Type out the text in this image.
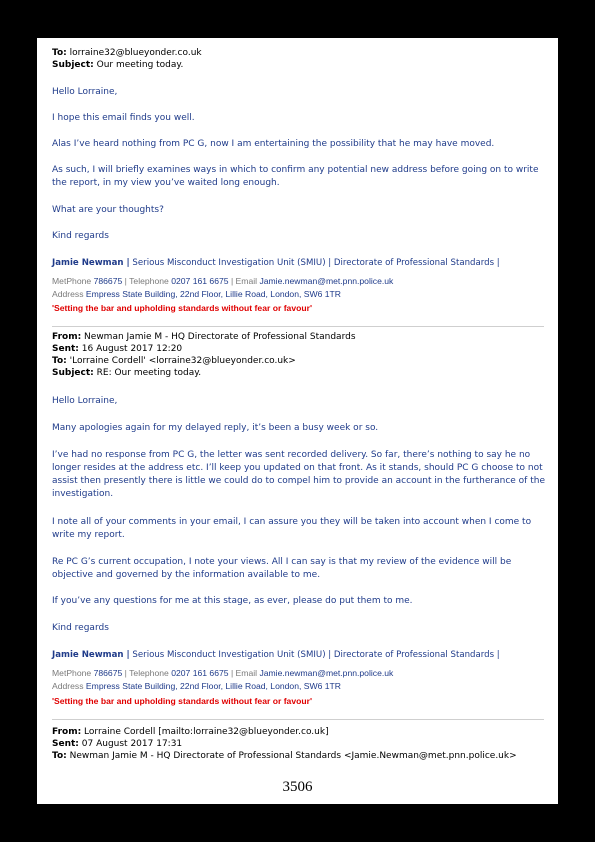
To: lorraine32@blueyonder.co.uk
Subject: Our meeting today.
Hello Lorraine,
I hope this email finds you well.
Alas I’ve heard nothing from PC G, now I am entertaining the possibility that he may have moved.
As such, I will briefly examines ways in which to confirm any potential new address before going on to write the report, in my view you’ve waited long enough.
What are your thoughts?
Kind regards
Jamie Newman | Serious Misconduct Investigation Unit (SMIU) | Directorate of Professional Standards |
MetPhone 786675 | Telephone 0207 161 6675 | Email Jamie.newman@met.pnn.police.uk
Address Empress State Building, 22nd Floor, Lillie Road, London, SW6 1TR
'Setting the bar and upholding standards without fear or favour'
From: Newman Jamie M - HQ Directorate of Professional Standards
Sent: 16 August 2017 12:20
To: 'Lorraine Cordell' <lorraine32@blueyonder.co.uk>
Subject: RE: Our meeting today.
Hello Lorraine,
Many apologies again for my delayed reply, it’s been a busy week or so.
I’ve had no response from PC G, the letter was sent recorded delivery. So far, there’s nothing to say he no longer resides at the address etc. I’ll keep you updated on that front. As it stands, should PC G choose to not assist then presently there is little we could do to compel him to provide an account in the furtherance of the investigation.
I note all of your comments in your email, I can assure you they will be taken into account when I come to write my report.
Re PC G’s current occupation, I note your views. All I can say is that my review of the evidence will be objective and governed by the information available to me.
If you’ve any questions for me at this stage, as ever, please do put them to me.
Kind regards
Jamie Newman | Serious Misconduct Investigation Unit (SMIU) | Directorate of Professional Standards |
MetPhone 786675 | Telephone 0207 161 6675 | Email Jamie.newman@met.pnn.police.uk
Address Empress State Building, 22nd Floor, Lillie Road, London, SW6 1TR
'Setting the bar and upholding standards without fear or favour'
From: Lorraine Cordell [mailto:lorraine32@blueyonder.co.uk]
Sent: 07 August 2017 17:31
To: Newman Jamie M - HQ Directorate of Professional Standards <Jamie.Newman@met.pnn.police.uk>
3506
